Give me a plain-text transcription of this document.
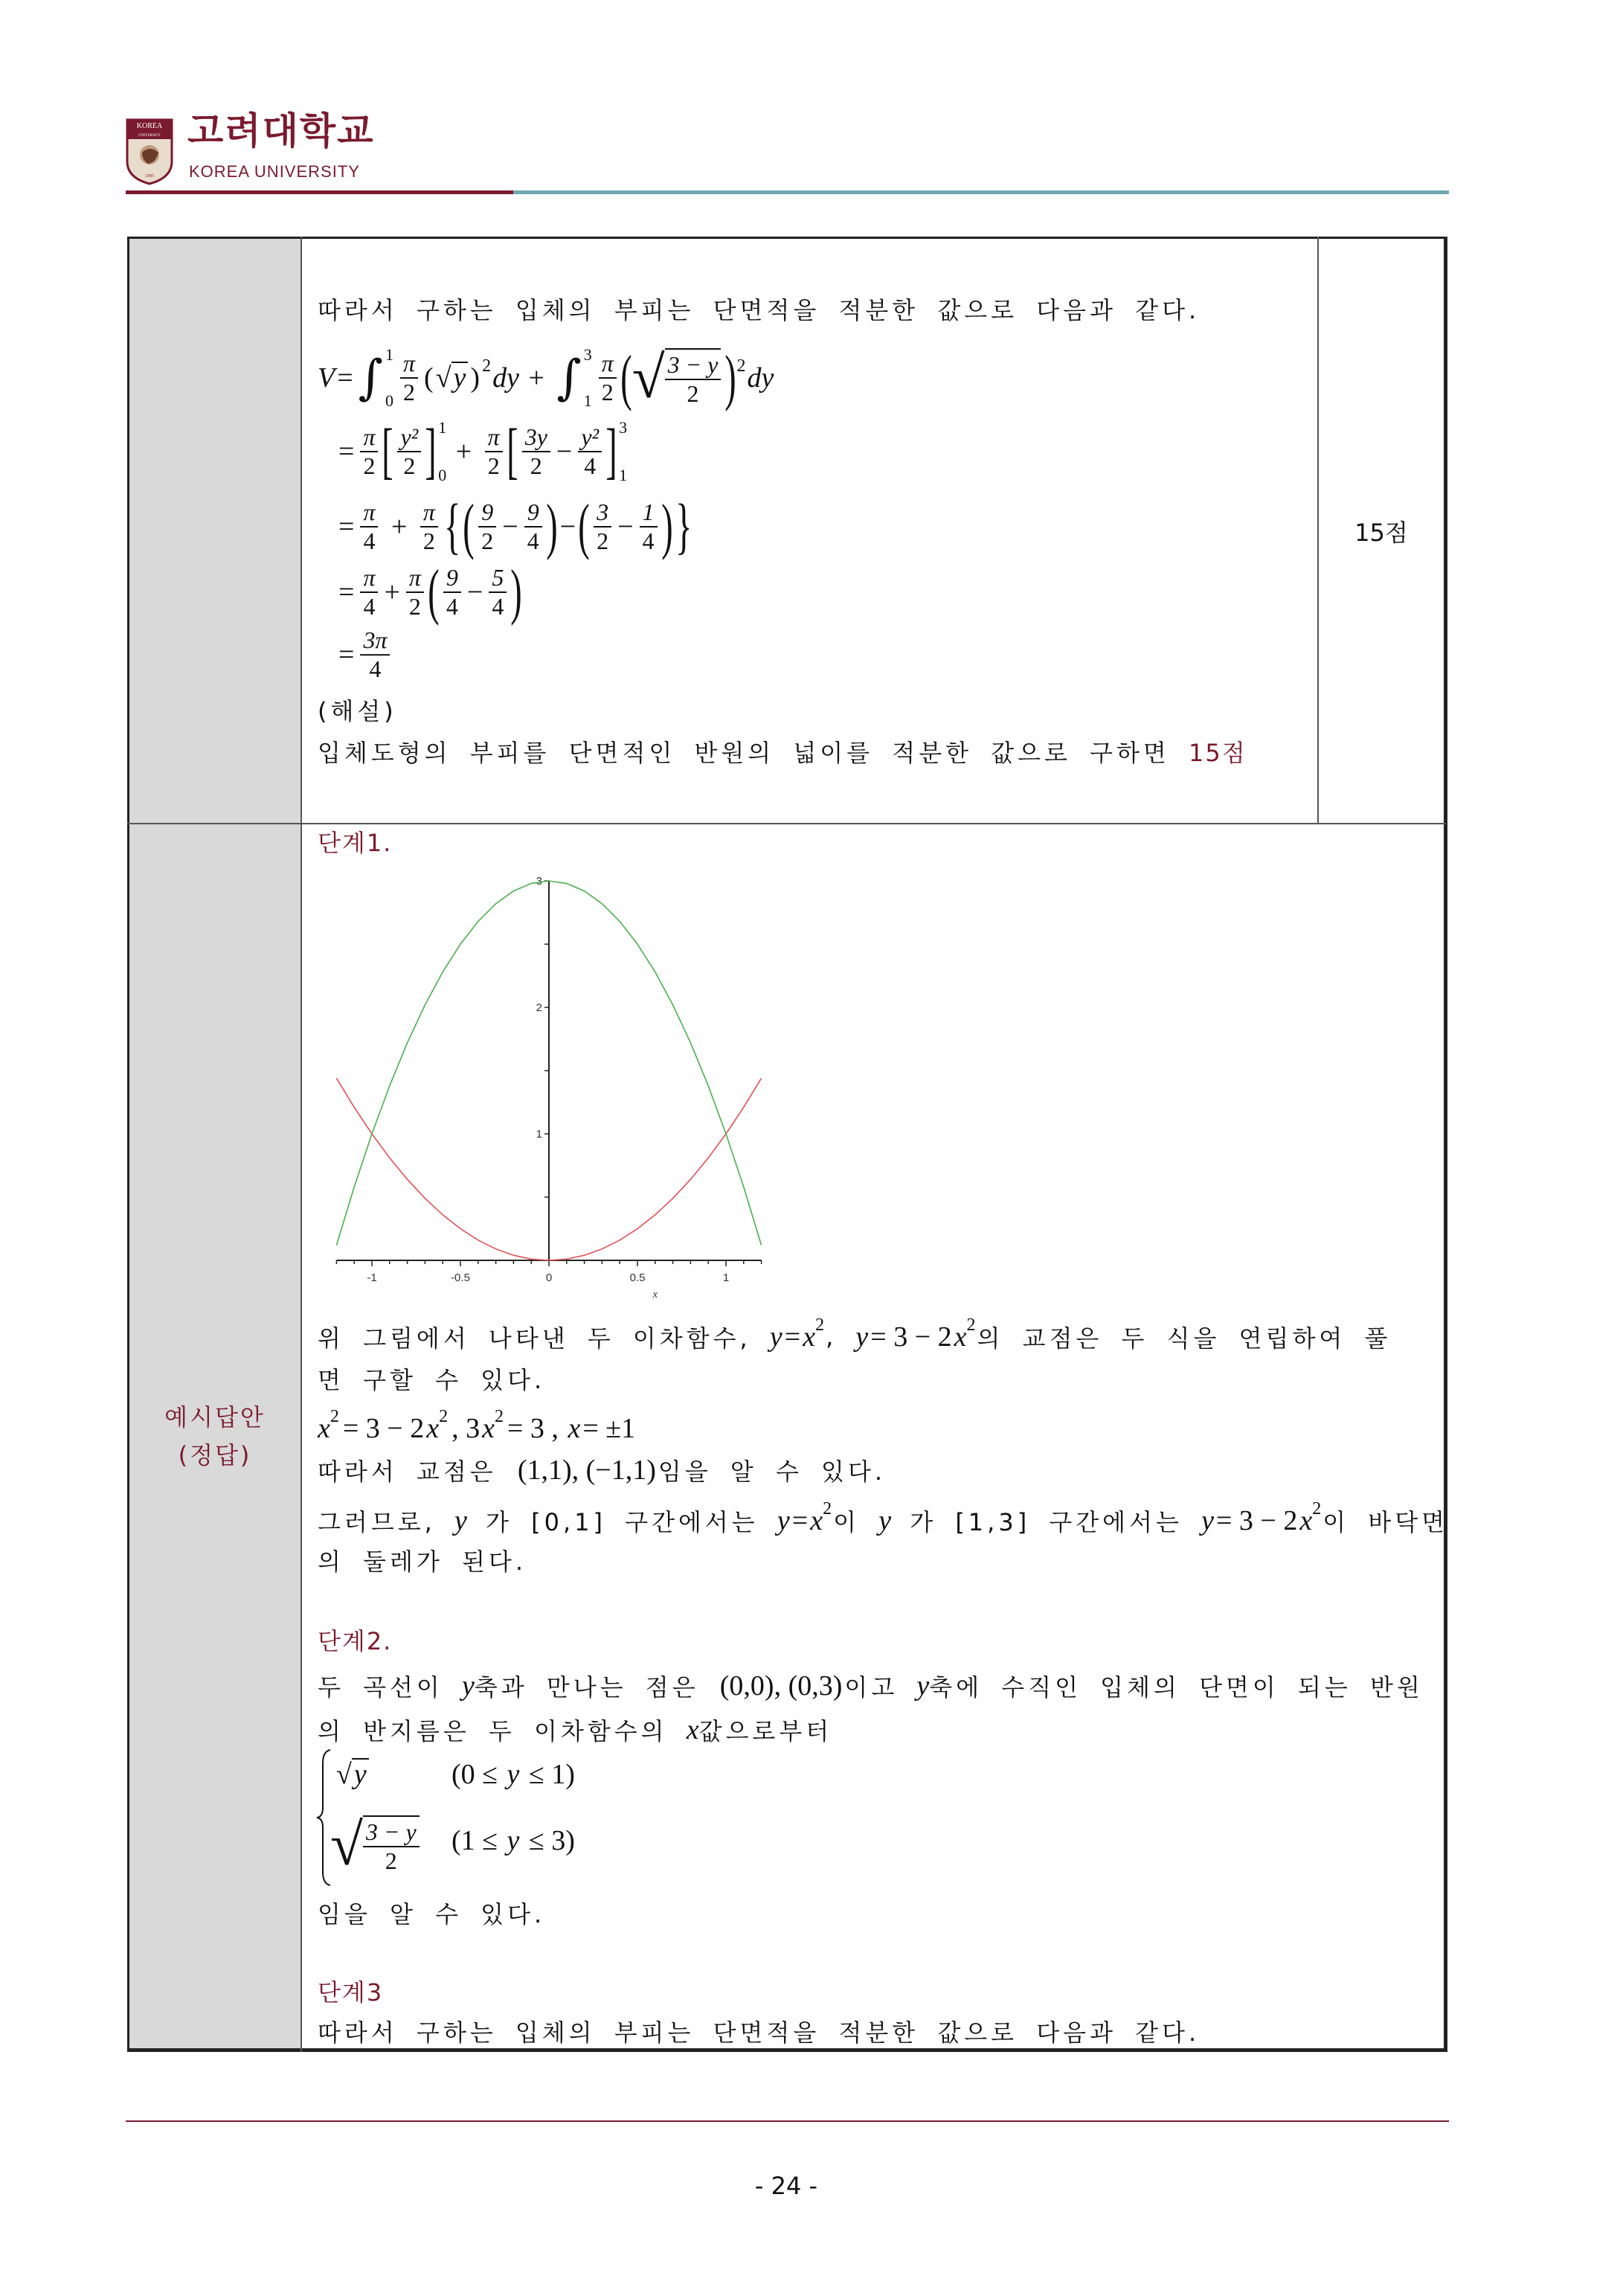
KOREA
UNIVERSITY
1905
고려대학교
KOREA UNIVERSITY
따라서 구하는 입체의 부피는 단면적을 적분한 값으로 다음과 같다.
V = ∫ 1
$0 \frac{\pi}{2}$ ( √ y ) 2 dy + ∫ 3
$1 \frac{\pi}{2}$ ( √ $\frac{3 - y}{2}$ ) 2 dy
= $\frac{\pi}{2}$ [ $\frac{\text{y²}}{2}$ ] 1
0
+ $\frac{\pi}{2}$ [ $\frac{3y}{2} - \frac{\text{y²}}{4}$ ] 3
1
= $\frac{\pi}{4} + \frac{\pi}{2}$ { ( $\frac{9}{2} - \frac{9}{4}$ ) − ( $\frac{3}{2} - \frac{1}{4}$ ) }
= $\frac{\pi}{4} + \frac{\pi}{2}$ ( $\frac{9}{4} - \frac{5}{4}$ )
= $\frac{3\pi}{4}$
(해설)
입체도형의 부피를 단면적인 반원의 넓이를 적분한 값으로 구하면 15점
15점
예시답안
(정답)
단계1.
-1	-0.5	0	0.5	1
1
2
3
x
위 그림에서 나타낸 두 이차함수, y = x 2 , y = 3 − 2 x 2 의 교점은 두 식을 연립하여 풀
면 구할 수 있다.
x 2 = 3 − 2 x 2 , 3 x 2 = 3 , x = ±1
따라서 교점은 (1,1), (−1,1) 임을 알 수 있다.
그러므로, y 가 [0,1] 구간에서는 y = x 2 이 y 가 [1,3] 구간에서는 y = 3 − 2 x 2 이 바닥면
의 둘레가 된다.
단계2.
두 곡선이 y 축과 만나는 점은 (0,0), (0,3) 이고 y 축에 수직인 입체의 단면이 되는 반원
의 반지름은 두 이차함수의 x 값으로부터
√ y	(0 ≤ y ≤ 1)
√ $\frac{3 - y}{2} (1 \le y \le 3)$
임을 알 수 있다.
단계3
따라서 구하는 입체의 부피는 단면적을 적분한 값으로 다음과 같다.
- 24 -
